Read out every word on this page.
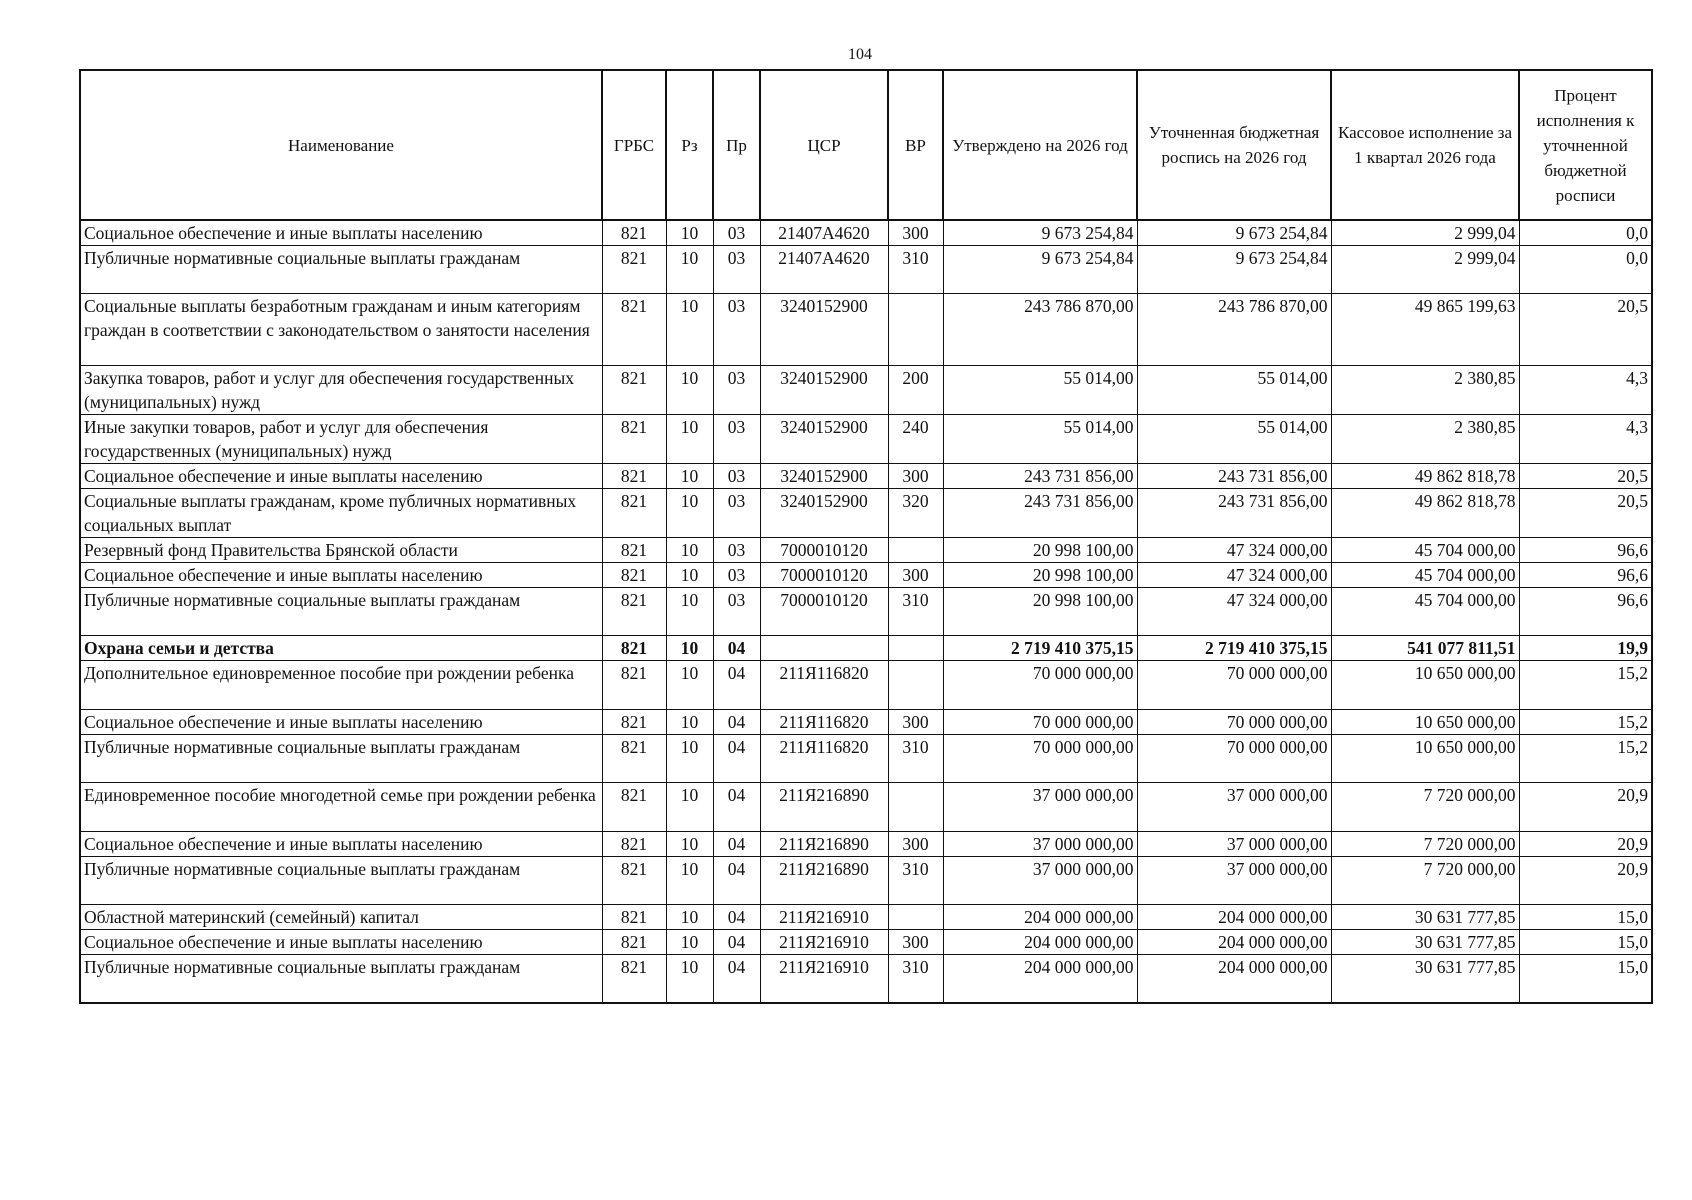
104
Наименование	ГРБС	Рз	Пр	ЦСР	ВР	Утверждено на 2026 год	Уточненная бюджетная роспись на 2026 год	Кассовое исполнение за 1 квартал 2026 года	Процент исполнения к уточненной бюджетной росписи
Социальное обеспечение и иные выплаты населению	821	10	03	21407А4620	300	9 673 254,84	9 673 254,84	2 999,04	0,0
Публичные нормативные социальные выплаты гражданам	821	10	03	21407А4620	310	9 673 254,84	9 673 254,84	2 999,04	0,0
Социальные выплаты безработным гражданам и иным категориям граждан в соответствии с законодательством о занятости населения	821	10	03	3240152900		243 786 870,00	243 786 870,00	49 865 199,63	20,5
Закупка товаров, работ и услуг для обеспечения государственных (муниципальных) нужд	821	10	03	3240152900	200	55 014,00	55 014,00	2 380,85	4,3
Иные закупки товаров, работ и услуг для обеспечения государственных (муниципальных) нужд	821	10	03	3240152900	240	55 014,00	55 014,00	2 380,85	4,3
Социальное обеспечение и иные выплаты населению	821	10	03	3240152900	300	243 731 856,00	243 731 856,00	49 862 818,78	20,5
Социальные выплаты гражданам, кроме публичных нормативных социальных выплат	821	10	03	3240152900	320	243 731 856,00	243 731 856,00	49 862 818,78	20,5
Резервный фонд Правительства Брянской области	821	10	03	7000010120		20 998 100,00	47 324 000,00	45 704 000,00	96,6
Социальное обеспечение и иные выплаты населению	821	10	03	7000010120	300	20 998 100,00	47 324 000,00	45 704 000,00	96,6
Публичные нормативные социальные выплаты гражданам	821	10	03	7000010120	310	20 998 100,00	47 324 000,00	45 704 000,00	96,6
Охрана семьи и детства	821	10	04			2 719 410 375,15	2 719 410 375,15	541 077 811,51	19,9
Дополнительное единовременное пособие при рождении ребенка	821	10	04	211Я116820		70 000 000,00	70 000 000,00	10 650 000,00	15,2
Социальное обеспечение и иные выплаты населению	821	10	04	211Я116820	300	70 000 000,00	70 000 000,00	10 650 000,00	15,2
Публичные нормативные социальные выплаты гражданам	821	10	04	211Я116820	310	70 000 000,00	70 000 000,00	10 650 000,00	15,2
Единовременное пособие многодетной семье при рождении ребенка	821	10	04	211Я216890		37 000 000,00	37 000 000,00	7 720 000,00	20,9
Социальное обеспечение и иные выплаты населению	821	10	04	211Я216890	300	37 000 000,00	37 000 000,00	7 720 000,00	20,9
Публичные нормативные социальные выплаты гражданам	821	10	04	211Я216890	310	37 000 000,00	37 000 000,00	7 720 000,00	20,9
Областной материнский (семейный) капитал	821	10	04	211Я216910		204 000 000,00	204 000 000,00	30 631 777,85	15,0
Социальное обеспечение и иные выплаты населению	821	10	04	211Я216910	300	204 000 000,00	204 000 000,00	30 631 777,85	15,0
Публичные нормативные социальные выплаты гражданам	821	10	04	211Я216910	310	204 000 000,00	204 000 000,00	30 631 777,85	15,0
